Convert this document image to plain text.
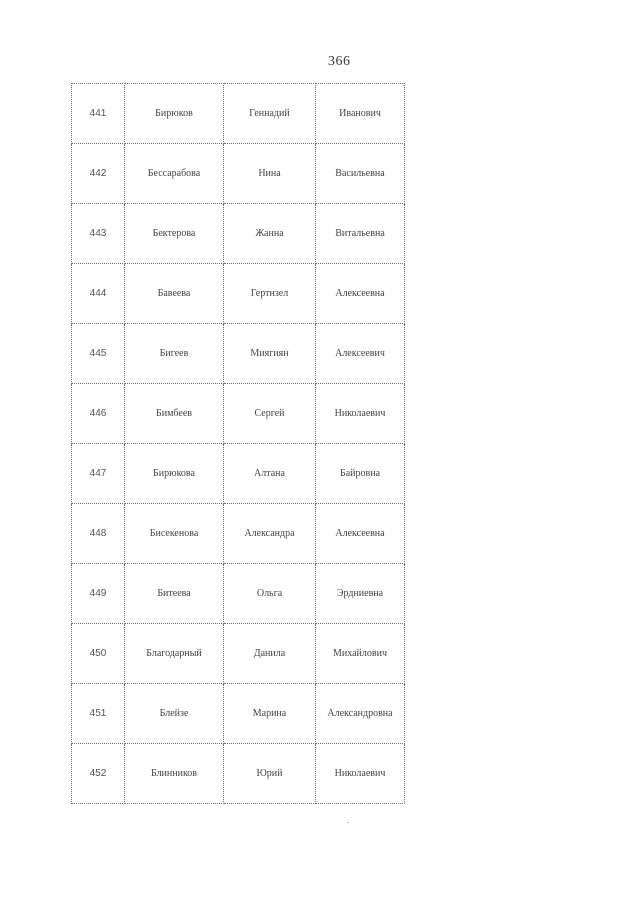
366
441	Бирюков	Геннадий	Иванович
442	Бессарабова	Нина	Васильевна
443	Бектерова	Жанна	Витальевна
444	Бавеева	Гертнзел	Алексеевна
445	Бигеев	Миягиян	Алексеевич
446	Бимбеев	Сергей	Николаевич
447	Бирюкова	Алтана	Байровна
448	Бисекенова	Александра	Алексеевна
449	Битеева	Ольга	Эрдниевна
450	Благодарный	Данила	Михайлович
451	Блейзе	Марина	Александровна
452	Блинников	Юрий	Николаевич
